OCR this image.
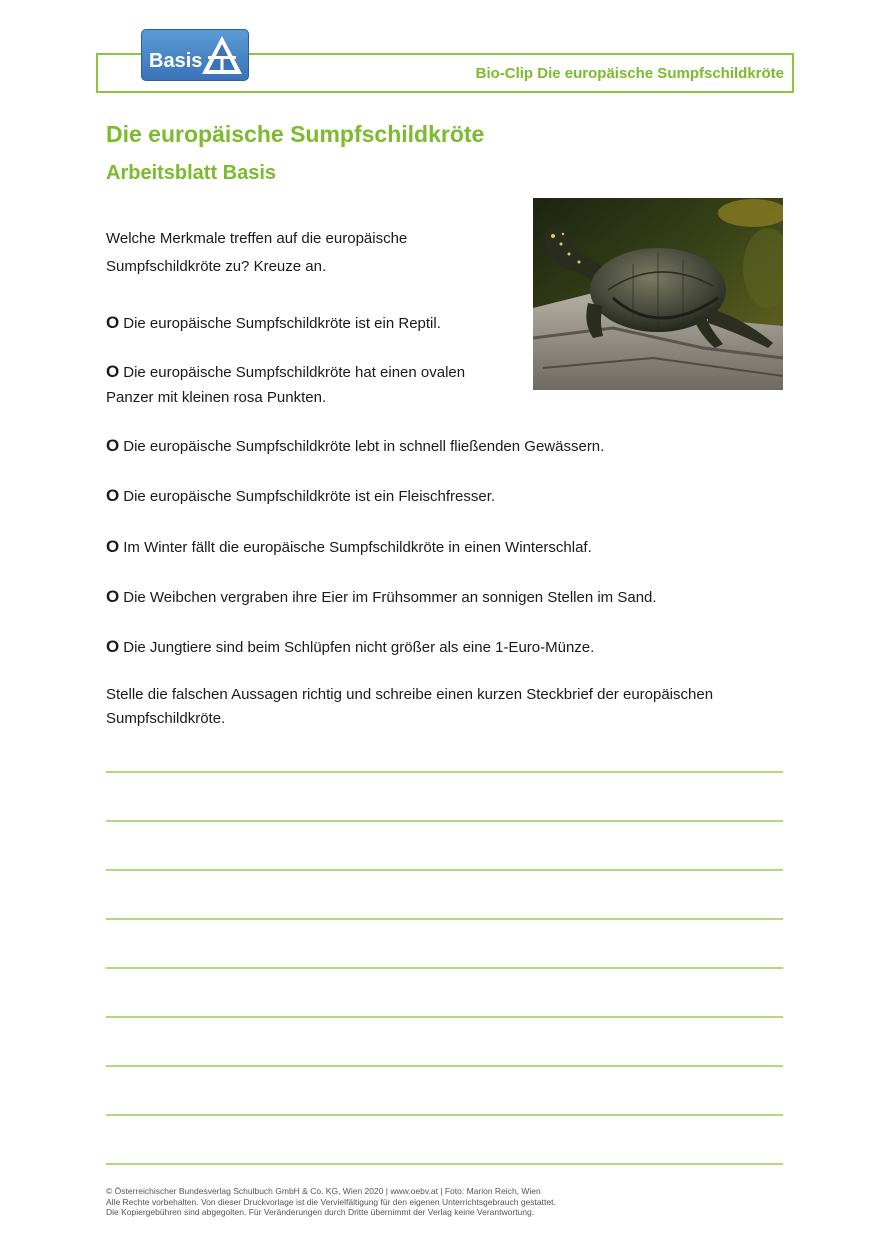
Bio-Clip Die europäische Sumpfschildkröte
Basis
Die europäische Sumpfschildkröte
Arbeitsblatt Basis
Welche Merkmale treffen auf die europäische
Sumpfschildkröte zu? Kreuze an.
O Die europäische Sumpfschildkröte ist ein Reptil.
O Die europäische Sumpfschildkröte hat einen ovalen
Panzer mit kleinen rosa Punkten.
O Die europäische Sumpfschildkröte lebt in schnell fließenden Gewässern.
O Die europäische Sumpfschildkröte ist ein Fleischfresser.
O Im Winter fällt die europäische Sumpfschildkröte in einen Winterschlaf.
O Die Weibchen vergraben ihre Eier im Frühsommer an sonnigen Stellen im Sand.
O Die Jungtiere sind beim Schlüpfen nicht größer als eine 1-Euro-Münze.
Stelle die falschen Aussagen richtig und schreibe einen kurzen Steckbrief der europäischen
Sumpfschildkröte.
© Österreichischer Bundesverlag Schulbuch GmbH & Co. KG, Wien 2020 | www.oebv.at | Foto: Marion Reich, Wien
Alle Rechte vorbehalten. Von dieser Druckvorlage ist die Vervielfältigung für den eigenen Unterrichtsgebrauch gestattet.
Die Kopiergebühren sind abgegolten. Für Veränderungen durch Dritte übernimmt der Verlag keine Verantwortung.
